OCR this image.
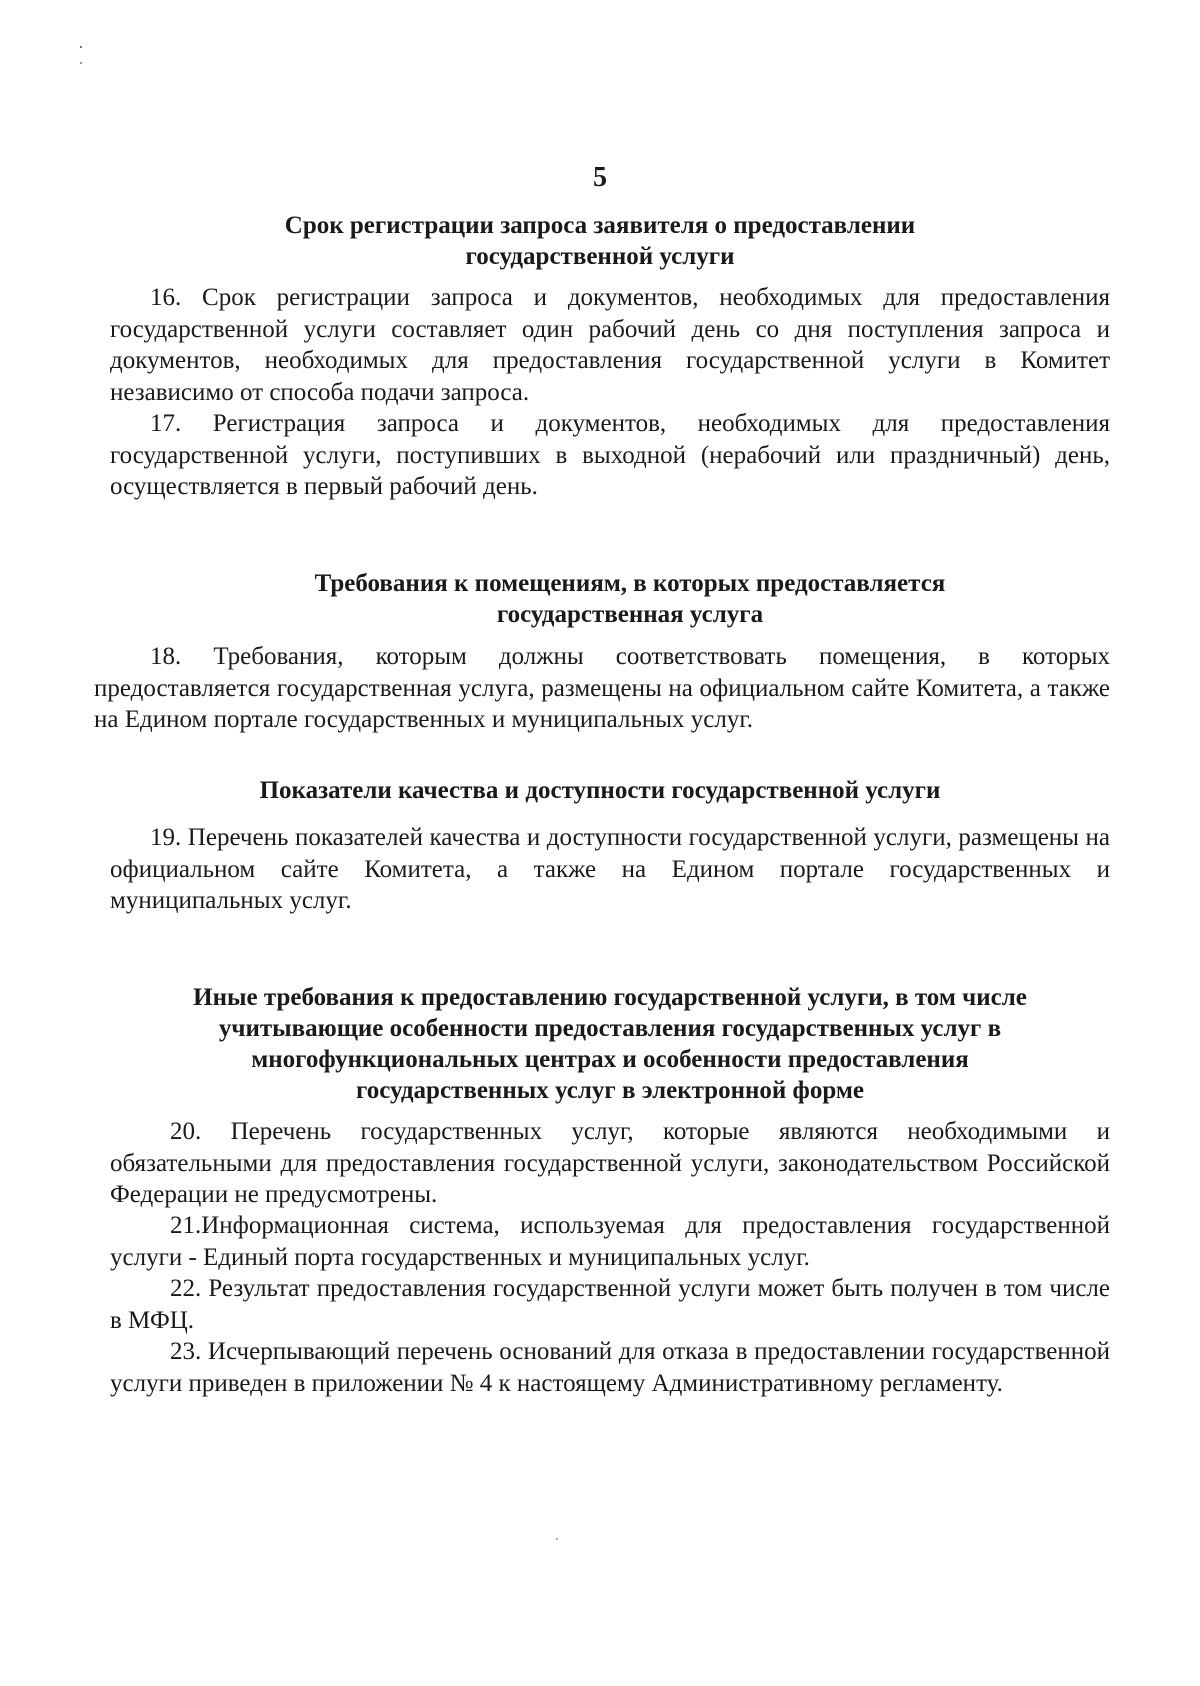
5
Срок регистрации запроса заявителя о предоставлении
государственной услуги

16. Срок регистрации запроса и документов, необходимых для предоставления государственной услуги составляет один рабочий день со дня поступления запроса и документов, необходимых для предоставления государственной услуги в Комитет независимо от способа подачи запроса.

17. Регистрация запроса и документов, необходимых для предоставления государственной услуги, поступивших в выходной (нерабочий или праздничный) день, осуществляется в первый рабочий день.

Требования к помещениям, в которых предоставляется
государственная услуга

18. Требования, которым должны соответствовать помещения, в которых предоставляется государственная услуга, размещены на официальном сайте Комитета, а также на Едином портале государственных и муниципальных услуг.

Показатели качества и доступности государственной услуги

19. Перечень показателей качества и доступности государственной услуги, размещены на официальном сайте Комитета, а также на Едином портале государственных и муниципальных услуг.

Иные требования к предоставлению государственной услуги, в том числе
учитывающие особенности предоставления государственных услуг в
многофункциональных центрах и особенности предоставления
государственных услуг в электронной форме

20. Перечень государственных услуг, которые являются необходимыми и обязательными для предоставления государственной услуги, законодательством Российской Федерации не предусмотрены.

21.Информационная система, используемая для предоставления государственной услуги - Единый порта государственных и муниципальных услуг.

22. Результат предоставления государственной услуги может быть получен в том числе в МФЦ.

23. Исчерпывающий перечень оснований для отказа в предоставлении государственной услуги приведен в приложении № 4 к настоящему Административному регламенту.
